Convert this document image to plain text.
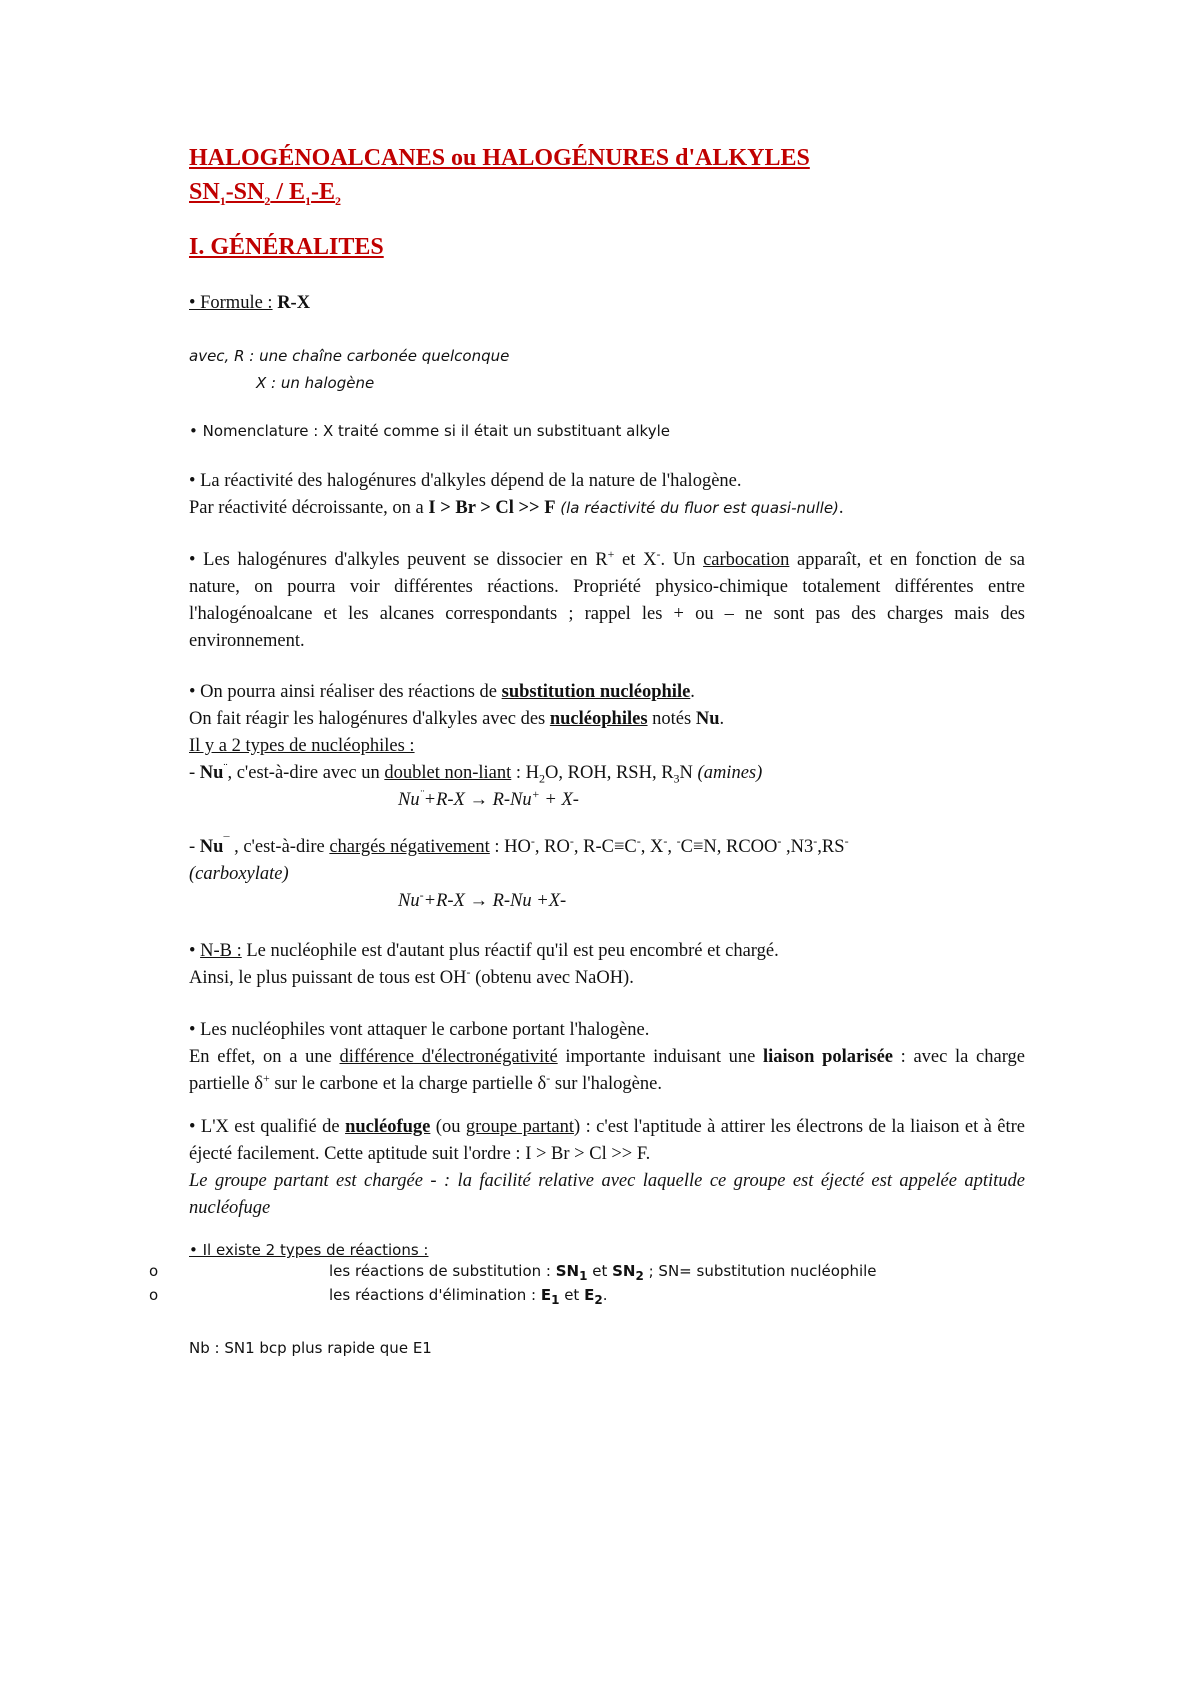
HALOGÉNOALCANES ou HALOGÉNURES d'ALKYLES
$SN_1-SN_2 / E_1-E_2$
I. GÉNÉRALITES
• Formule : R-X
avec, R : une chaîne carbonée quelconque
X : un halogène
• Nomenclature : X traité comme si il était un substituant alkyle
• La réactivité des halogénures d'alkyles dépend de la nature de l'halogène.
Par réactivité décroissante, on a I > Br > Cl >> F (la réactivité du fluor est quasi-nulle).
• Les halogénures d'alkyles peuvent se dissocier en R+ et X-. Un carbocation apparaît, et en fonction de sa nature, on pourra voir différentes réactions. Propriété physico-chimique totalement différentes entre l'halogénoalcane et les alcanes correspondants ; rappel les + ou – ne sont pas des charges mais des environnement.
• On pourra ainsi réaliser des réactions de substitution nucléophile.
On fait réagir les halogénures d'alkyles avec des nucléophiles notés Nu.
Il y a 2 types de nucléophiles :
- Nu¨, c'est-à-dire avec un doublet non-liant : $H_2O$, ROH, RSH, $R_3N$ (amines)
Nu¨+R-X → R-Nu+ + X-
- Nu¯ , c'est-à-dire chargés négativement : HO-, RO-, R-C≡C-, X-, -C≡N, RCOO- ,N3-,RS-
(carboxylate)
Nu-+R-X → R-Nu +X-
• N-B : Le nucléophile est d'autant plus réactif qu'il est peu encombré et chargé.
Ainsi, le plus puissant de tous est OH- (obtenu avec NaOH).
• Les nucléophiles vont attaquer le carbone portant l'halogène.
En effet, on a une différence d'électronégativité importante induisant une liaison polarisée : avec la charge partielle δ+ sur le carbone et la charge partielle δ- sur l'halogène.
• L'X est qualifié de nucléofuge (ou groupe partant) : c'est l'aptitude à attirer les électrons de la liaison et à être éjecté facilement. Cette aptitude suit l'ordre : I > Br > Cl >> F.
Le groupe partant est chargée - : la facilité relative avec laquelle ce groupe est éjecté est appelée aptitude nucléofuge
• Il existe 2 types de réactions :
o	les réactions de substitution : $SN_1$ et $SN_2$ ; SN= substitution nucléophile
o	les réactions d'élimination : $E_1$ et $E_2$.
Nb : SN1 bcp plus rapide que E1
